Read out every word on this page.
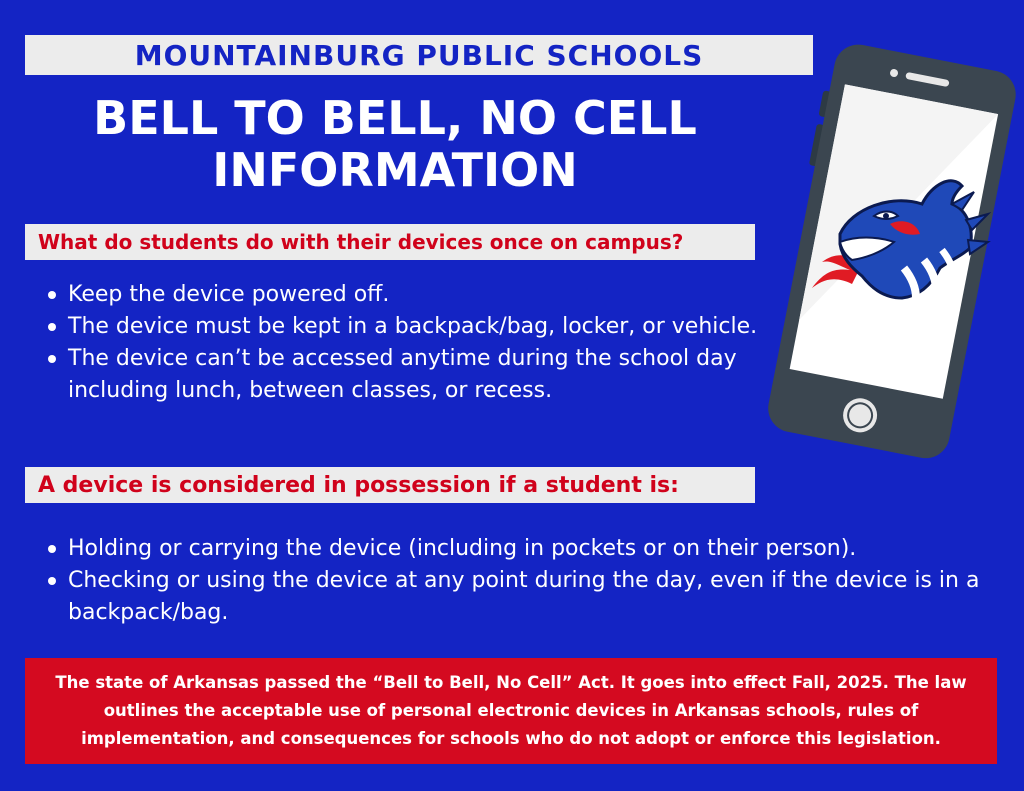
MOUNTAINBURG PUBLIC SCHOOLS
BELL TO BELL, NO CELL
INFORMATION
What do students do with their devices once on campus?
Keep the device powered off.
The device must be kept in a backpack/bag, locker, or vehicle.
The device can’t be accessed anytime during the school day including lunch, between classes, or recess.
A device is considered in possession if a student is:
Holding or carrying the device (including in pockets or on their person).
Checking or using the device at any point during the day, even if the device is in a backpack/bag.
The state of Arkansas passed the “Bell to Bell, No Cell” Act. It goes into effect Fall, 2025. The law outlines the acceptable use of personal electronic devices in Arkansas schools, rules of implementation, and consequences for schools who do not adopt or enforce this legislation.
